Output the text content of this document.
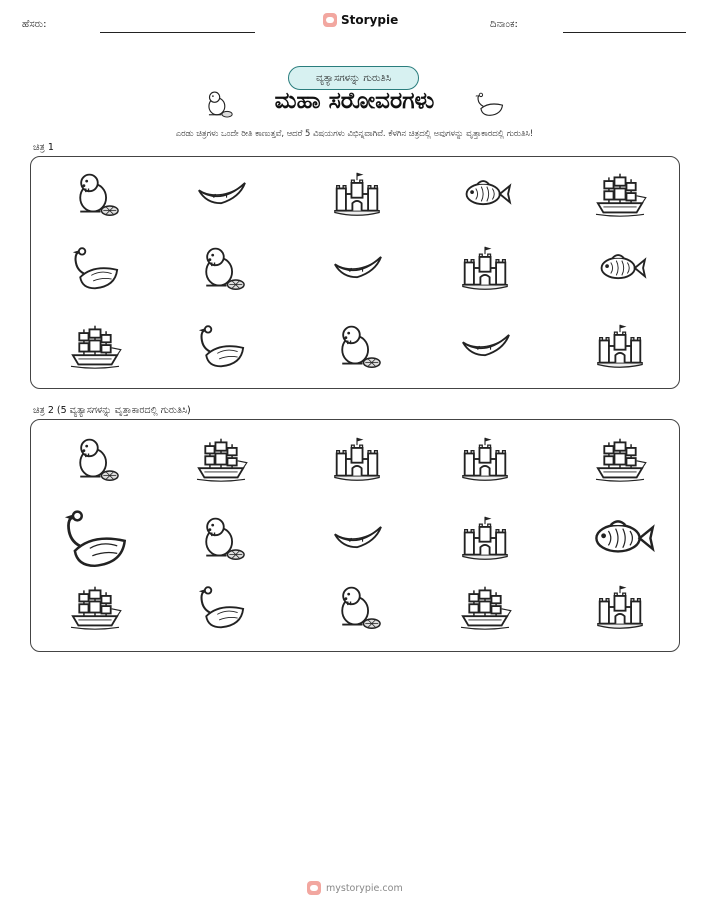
ಹೆಸರು:	Storypie	ದಿನಾಂಕ:
ವ್ಯತ್ಯಾಸಗಳನ್ನು ಗುರುತಿಸಿ
ಮಹಾ ಸರೋವರಗಳು
ಎರಡು ಚಿತ್ರಗಳು ಒಂದೇ ರೀತಿ ಕಾಣುತ್ತವೆ, ಆದರೆ 5 ವಿಷಯಗಳು ವಿಭಿನ್ನವಾಗಿವೆ. ಕೆಳಗಿನ ಚಿತ್ರದಲ್ಲಿ ಅವುಗಳನ್ನು ವೃತ್ತಾಕಾರದಲ್ಲಿ ಗುರುತಿಸಿ!
ಚಿತ್ರ 1
ಚಿತ್ರ 2 (5 ವ್ಯತ್ಯಾಸಗಳನ್ನು ವೃತ್ತಾಕಾರದಲ್ಲಿ ಗುರುತಿಸಿ)
mystorypie.com
